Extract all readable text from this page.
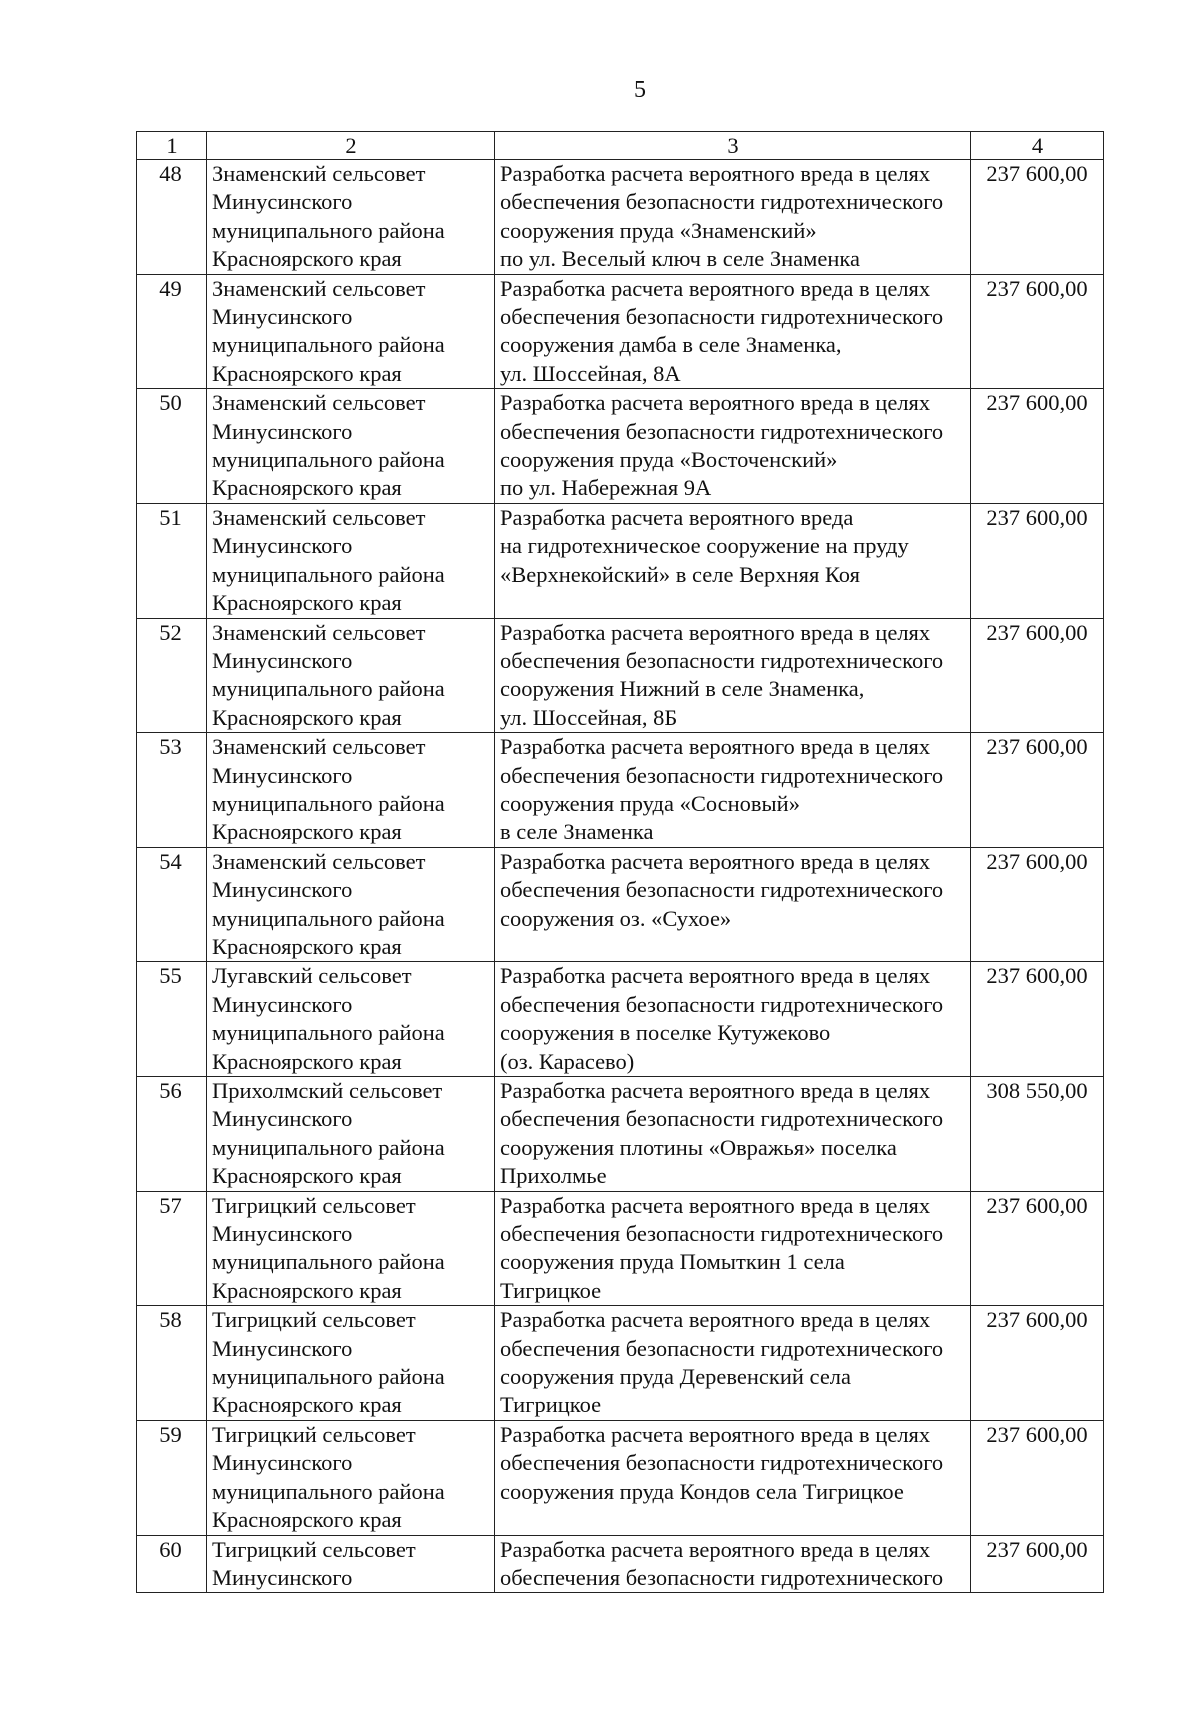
5
1	2	3	4
48	Знаменский сельсовет
Минусинского
муниципального района
Красноярского края	Разработка расчета вероятного вреда в целях
обеспечения безопасности гидротехнического
сооружения пруда «Знаменский»
по ул. Веселый ключ в селе Знаменка	237 600,00
49	Знаменский сельсовет
Минусинского
муниципального района
Красноярского края	Разработка расчета вероятного вреда в целях
обеспечения безопасности гидротехнического
сооружения дамба в селе Знаменка,
ул. Шоссейная, 8А	237 600,00
50	Знаменский сельсовет
Минусинского
муниципального района
Красноярского края	Разработка расчета вероятного вреда в целях
обеспечения безопасности гидротехнического
сооружения пруда «Восточенский»
по ул. Набережная 9А	237 600,00
51	Знаменский сельсовет
Минусинского
муниципального района
Красноярского края	Разработка расчета вероятного вреда
на гидротехническое сооружение на пруду
«Верхнекойский» в селе Верхняя Коя	237 600,00
52	Знаменский сельсовет
Минусинского
муниципального района
Красноярского края	Разработка расчета вероятного вреда в целях
обеспечения безопасности гидротехнического
сооружения Нижний в селе Знаменка,
ул. Шоссейная, 8Б	237 600,00
53	Знаменский сельсовет
Минусинского
муниципального района
Красноярского края	Разработка расчета вероятного вреда в целях
обеспечения безопасности гидротехнического
сооружения пруда «Сосновый»
в селе Знаменка	237 600,00
54	Знаменский сельсовет
Минусинского
муниципального района
Красноярского края	Разработка расчета вероятного вреда в целях
обеспечения безопасности гидротехнического
сооружения оз. «Сухое»	237 600,00
55	Лугавский сельсовет
Минусинского
муниципального района
Красноярского края	Разработка расчета вероятного вреда в целях
обеспечения безопасности гидротехнического
сооружения в поселке Кутужеково
(оз. Карасево)	237 600,00
56	Прихолмский сельсовет
Минусинского
муниципального района
Красноярского края	Разработка расчета вероятного вреда в целях
обеспечения безопасности гидротехнического
сооружения плотины «Овражья» поселка
Прихолмье	308 550,00
57	Тигрицкий сельсовет
Минусинского
муниципального района
Красноярского края	Разработка расчета вероятного вреда в целях
обеспечения безопасности гидротехнического
сооружения пруда Помыткин 1 села
Тигрицкое	237 600,00
58	Тигрицкий сельсовет
Минусинского
муниципального района
Красноярского края	Разработка расчета вероятного вреда в целях
обеспечения безопасности гидротехнического
сооружения пруда Деревенский села
Тигрицкое	237 600,00
59	Тигрицкий сельсовет
Минусинского
муниципального района
Красноярского края	Разработка расчета вероятного вреда в целях
обеспечения безопасности гидротехнического
сооружения пруда Кондов села Тигрицкое	237 600,00
60	Тигрицкий сельсовет
Минусинского	Разработка расчета вероятного вреда в целях
обеспечения безопасности гидротехнического	237 600,00
